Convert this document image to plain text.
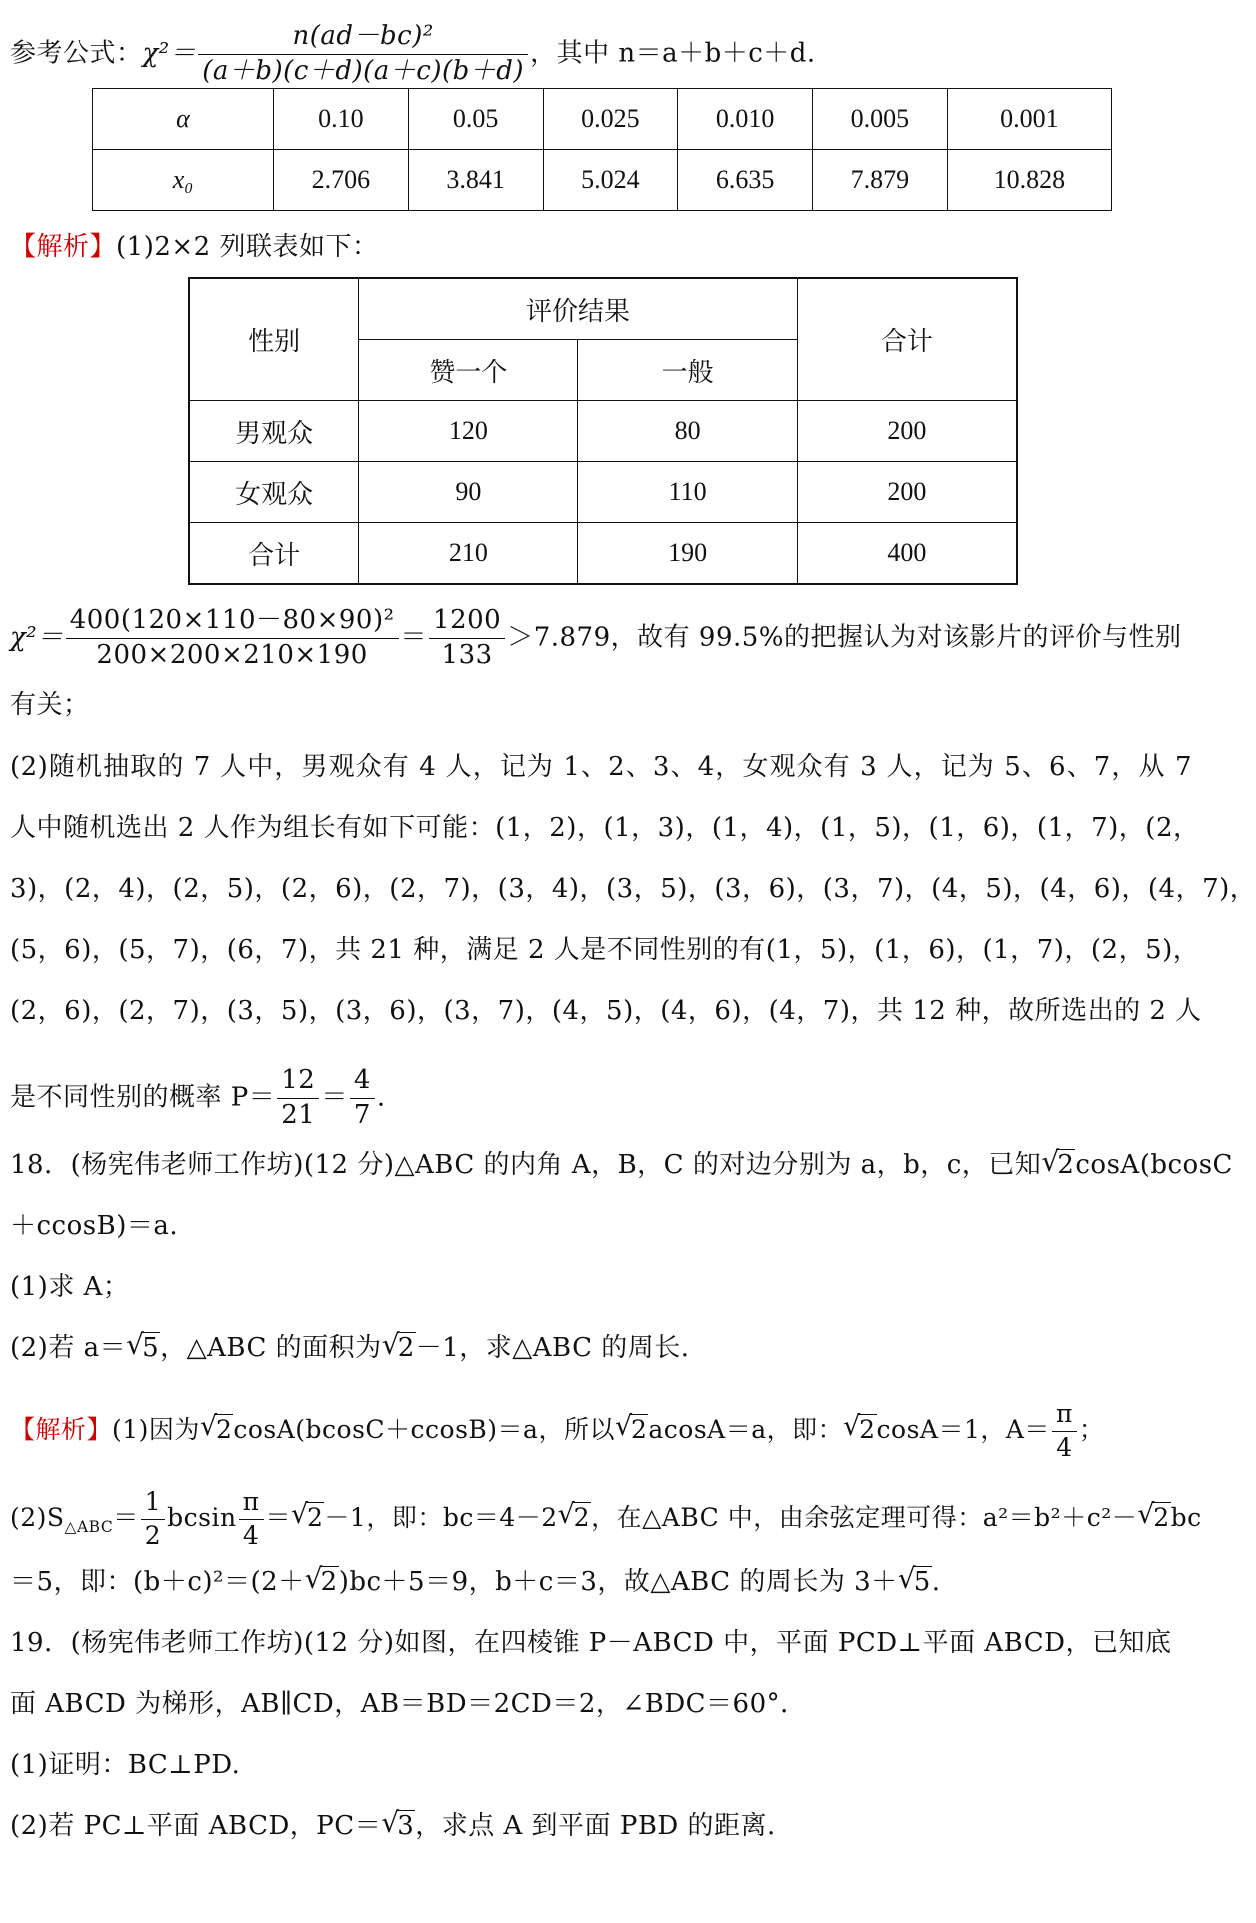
参考公式：$\chi^2= \frac{\text{n(ad－bc)²}}{(a+b)(c+d)(a+c)(b+d)}$ ，其中 n＝a＋b＋c＋d.
α	0.10	0.05	0.025	0.010	0.005	0.001
x₀	2.706	3.841	5.024	6.635	7.879	10.828
【解析】(1)2×2 列联表如下：
性别	评价结果		合计
	赞一个	一般	
男观众	120	80	200
女观众	90	110	200
合计	210	190	400
$\chi^2= \frac{\text{400(120×110－80×90)²}}{200\times 200\times 210\times 190} = \frac{1200}{133} >7.879$，故有 99.5%的把握认为对该影片的评价与性别
有关；
(2)随机抽取的 7 人中，男观众有 4 人，记为 1、2、3、4，女观众有 3 人，记为 5、6、7，从 7
人中随机选出 2 人作为组长有如下可能：(1，2)，(1，3)，(1，4)，(1，5)，(1，6)，(1，7)，(2，
3)，(2，4)，(2，5)，(2，6)，(2，7)，(3，4)，(3，5)，(3，6)，(3，7)，(4，5)，(4，6)，(4，7)，
(5，6)，(5，7)，(6，7)，共 21 种，满足 2 人是不同性别的有(1，5)，(1，6)，(1，7)，(2，5)，
(2，6)，(2，7)，(3，5)，(3，6)，(3，7)，(4，5)，(4，6)，(4，7)，共 12 种，故所选出的 2 人
是不同性别的概率 $P= \frac{12}{21} = \frac{4}{7}$ .
18．(杨宪伟老师工作坊)(12 分)△ABC 的内角 A，B，C 的对边分别为 a，b，c，已知 √ 2cosA(bcosC
＋ccosB)＝a.
(1)求 A；
(2)若 a＝ √ 5，△ABC 的面积为 √ 2－1，求△ABC 的周长.
【解析】(1)因为 √ 2cosA(bcosC＋ccosB)＝a，所以 √ 2acosA＝a，即： √ 2cosA＝1，$A= \frac{\pi}{4}$ ；
$(2)S_{\triangle ABC}= \frac{1}{2}$ bcsin $\frac{\pi}{4}$ ＝ √ 2－1，即：bc＝4－2 √ 2，在△ABC 中，由余弦定理可得：a²＝b²＋c²－ √ 2bc
＝5，即：(b＋c)²＝(2＋ √ 2)bc＋5＝9，b＋c＝3，故△ABC 的周长为 3＋ √ 5.
19．(杨宪伟老师工作坊)(12 分)如图，在四棱锥 P－ABCD 中，平面 PCD⊥平面 ABCD，已知底
面 ABCD 为梯形，AB∥CD，AB＝BD＝2CD＝2，∠BDC＝60°．
(1)证明：BC⊥PD.
(2)若 PC⊥平面 ABCD，PC＝ √ 3，求点 A 到平面 PBD 的距离.
